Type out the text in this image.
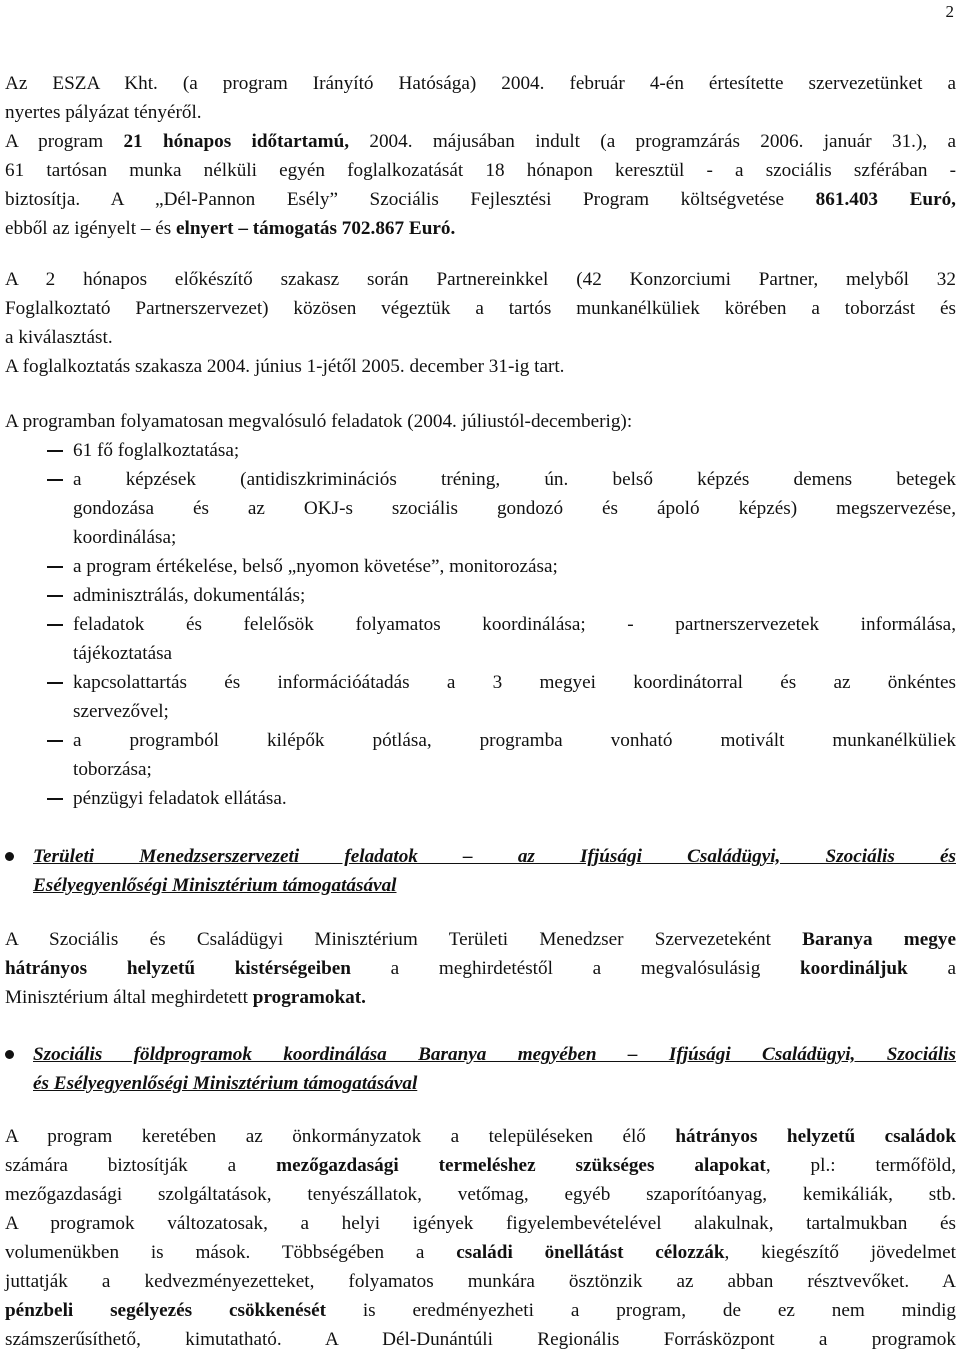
2
Az ESZA Kht. (a program Irányító Hatósága) 2004. február 4-én értesítette szervezetünket a
nyertes pályázat tényéről.
A program 21 hónapos időtartamú, 2004. májusában indult (a programzárás 2006. január 31.), a
61 tartósan munka nélküli egyén foglalkozatását 18 hónapon keresztül - a szociális szférában -
biztosítja. A „Dél-Pannon Esély” Szociális Fejlesztési Program költségvetése 861.403 Euró,
ebből az igényelt – és elnyert – támogatás 702.867 Euró.
A 2 hónapos előkészítő szakasz során Partnereinkkel (42 Konzorciumi Partner, melyből 32
Foglalkoztató Partnerszervezet) közösen végeztük a tartós munkanélküliek körében a toborzást és
a kiválasztást.
A foglalkoztatás szakasza 2004. június 1-jétől 2005. december 31-ig tart.
A programban folyamatosan megvalósuló feladatok (2004. júliustól-decemberig):
61 fő foglalkoztatása;
a képzések (antidiszkriminációs tréning, ún. belső képzés demens betegek
gondozása és az OKJ-s szociális gondozó és ápoló képzés) megszervezése,
koordinálása;
a program értékelése, belső „nyomon követése”, monitorozása;
adminisztrálás, dokumentálás;
feladatok és felelősök folyamatos koordinálása; - partnerszervezetek informálása,
tájékoztatása
kapcsolattartás és információátadás a 3 megyei koordinátorral és az önkéntes
szervezővel;
a programból kilépők pótlása, programba vonható motivált munkanélküliek
toborzása;
pénzügyi feladatok ellátása.
Területi Menedzserszervezeti feladatok – az Ifjúsági Családügyi, Szociális és
Esélyegyenlőségi Minisztérium támogatásával
A Szociális és Családügyi Minisztérium Területi Menedzser Szervezeteként Baranya megye
hátrányos helyzetű kistérségeiben a meghirdetéstől a megvalósulásig koordináljuk a
Minisztérium által meghirdetett programokat.
Szociális földprogramok koordinálása Baranya megyében – Ifjúsági Családügyi, Szociális
és Esélyegyenlőségi Minisztérium támogatásával
A program keretében az önkormányzatok a településeken élő hátrányos helyzetű családok
számára biztosítják a mezőgazdasági termeléshez szükséges alapokat, pl.: termőföld,
mezőgazdasági szolgáltatások, tenyészállatok, vetőmag, egyéb szaporítóanyag, kemikáliák, stb.
A programok változatosak, a helyi igények figyelembevételével alakulnak, tartalmukban és
volumenükben is mások. Többségében a családi önellátást célozzák, kiegészítő jövedelmet
juttatják a kedvezményezetteket, folyamatos munkára ösztönzik az abban résztvevőket. A
pénzbeli segélyezés csökkenését is eredményezheti a program, de ez nem mindig
számszerűsíthető, kimutatható. A Dél-Dunántúli Regionális Forrásközpont a programok
